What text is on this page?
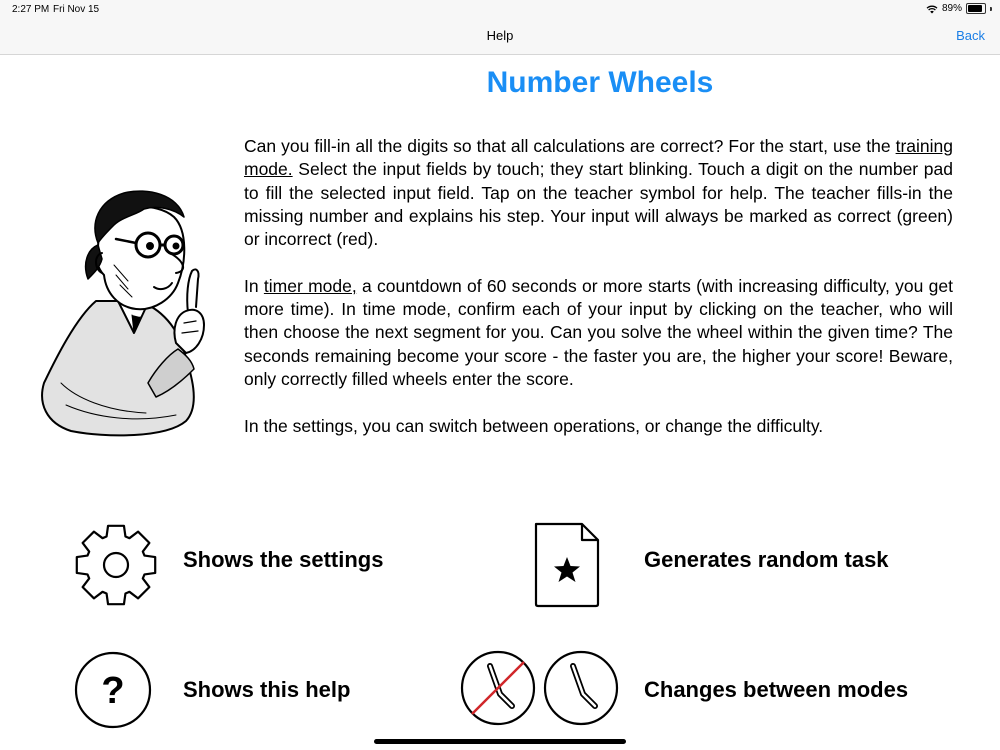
2:27 PM Fri Nov 15	89%
Help	Back
Number Wheels

Can you fill-in all the digits so that all calculations are correct? For the start, use the training mode. Select the input fields by touch; they start blinking. Touch a digit on the number pad to fill the selected input field. Tap on the teacher symbol for help. The teacher fills-in the missing number and explains his step. Your input will always be marked as correct (green) or incorrect (red).

In timer mode, a countdown of 60 seconds or more starts (with increasing difficulty, you get more time). In time mode, confirm each of your input by clicking on the teacher, who will then choose the next segment for you. Can you solve the wheel within the given time? The seconds remaining become your score - the faster you are, the higher your score! Beware, only correctly filled wheels enter the score.

In the settings, you can switch between operations, or change the difficulty.

Shows the settings	Generates random task
?	Shows this help	Changes between modes
